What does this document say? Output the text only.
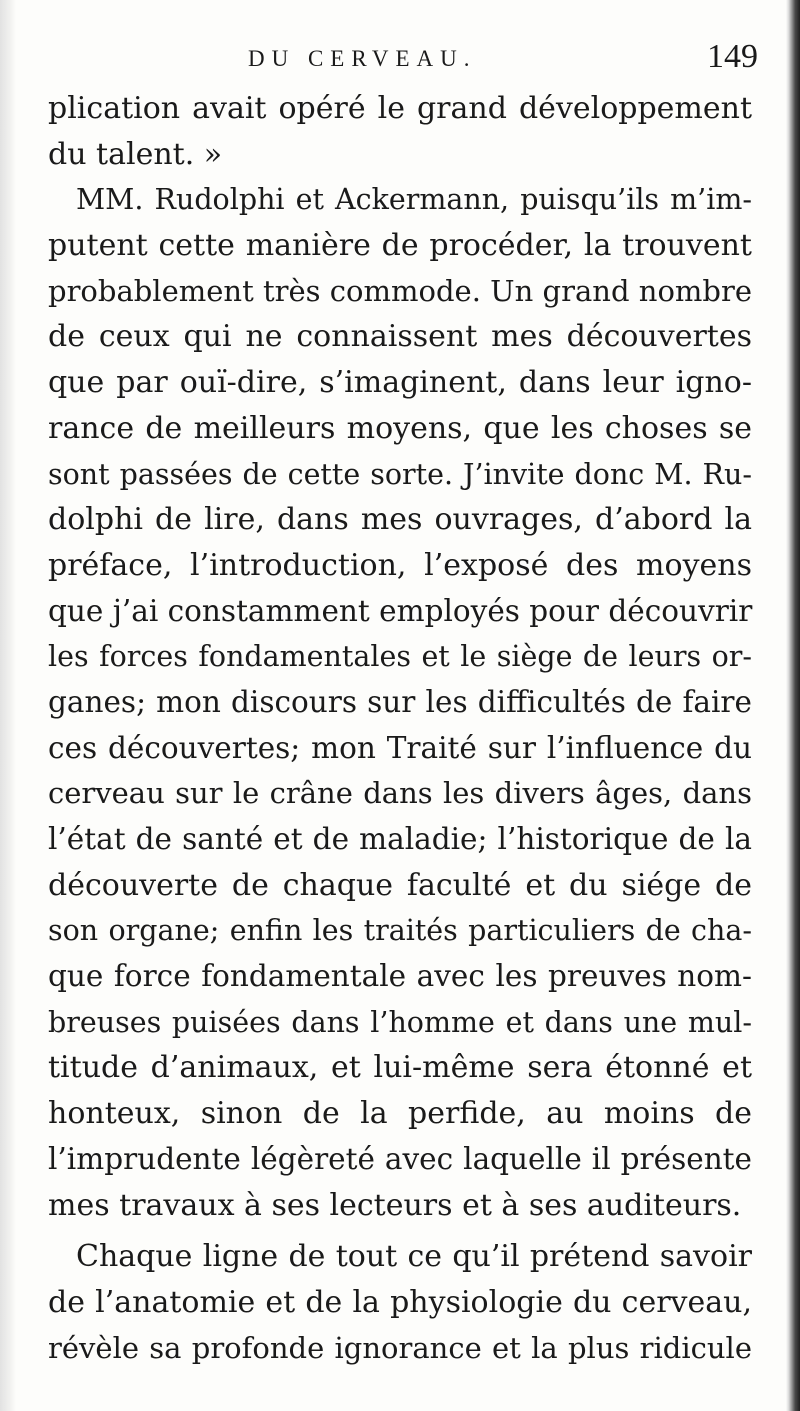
DU CERVEAU.	149
plication avait opéré le grand développement
du talent. »
MM. Rudolphi et Ackermann, puisqu’ils m’im-
putent cette manière de procéder, la trouvent
probablement très commode. Un grand nombre
de ceux qui ne connaissent mes découvertes
que par ouï-dire, s’imaginent, dans leur igno-
rance de meilleurs moyens, que les choses se
sont passées de cette sorte. J’invite donc M. Ru-
dolphi de lire, dans mes ouvrages, d’abord la
préface, l’introduction, l’exposé des moyens
que j’ai constamment employés pour découvrir
les forces fondamentales et le siège de leurs or-
ganes; mon discours sur les difficultés de faire
ces découvertes; mon Traité sur l’influence du
cerveau sur le crâne dans les divers âges, dans
l’état de santé et de maladie; l’historique de la
découverte de chaque faculté et du siége de
son organe; enfin les traités particuliers de cha-
que force fondamentale avec les preuves nom-
breuses puisées dans l’homme et dans une mul-
titude d’animaux, et lui-même sera étonné et
honteux, sinon de la perfide, au moins de
l’imprudente légèreté avec laquelle il présente
mes travaux à ses lecteurs et à ses auditeurs.
Chaque ligne de tout ce qu’il prétend savoir
de l’anatomie et de la physiologie du cerveau,
révèle sa profonde ignorance et la plus ridicule
